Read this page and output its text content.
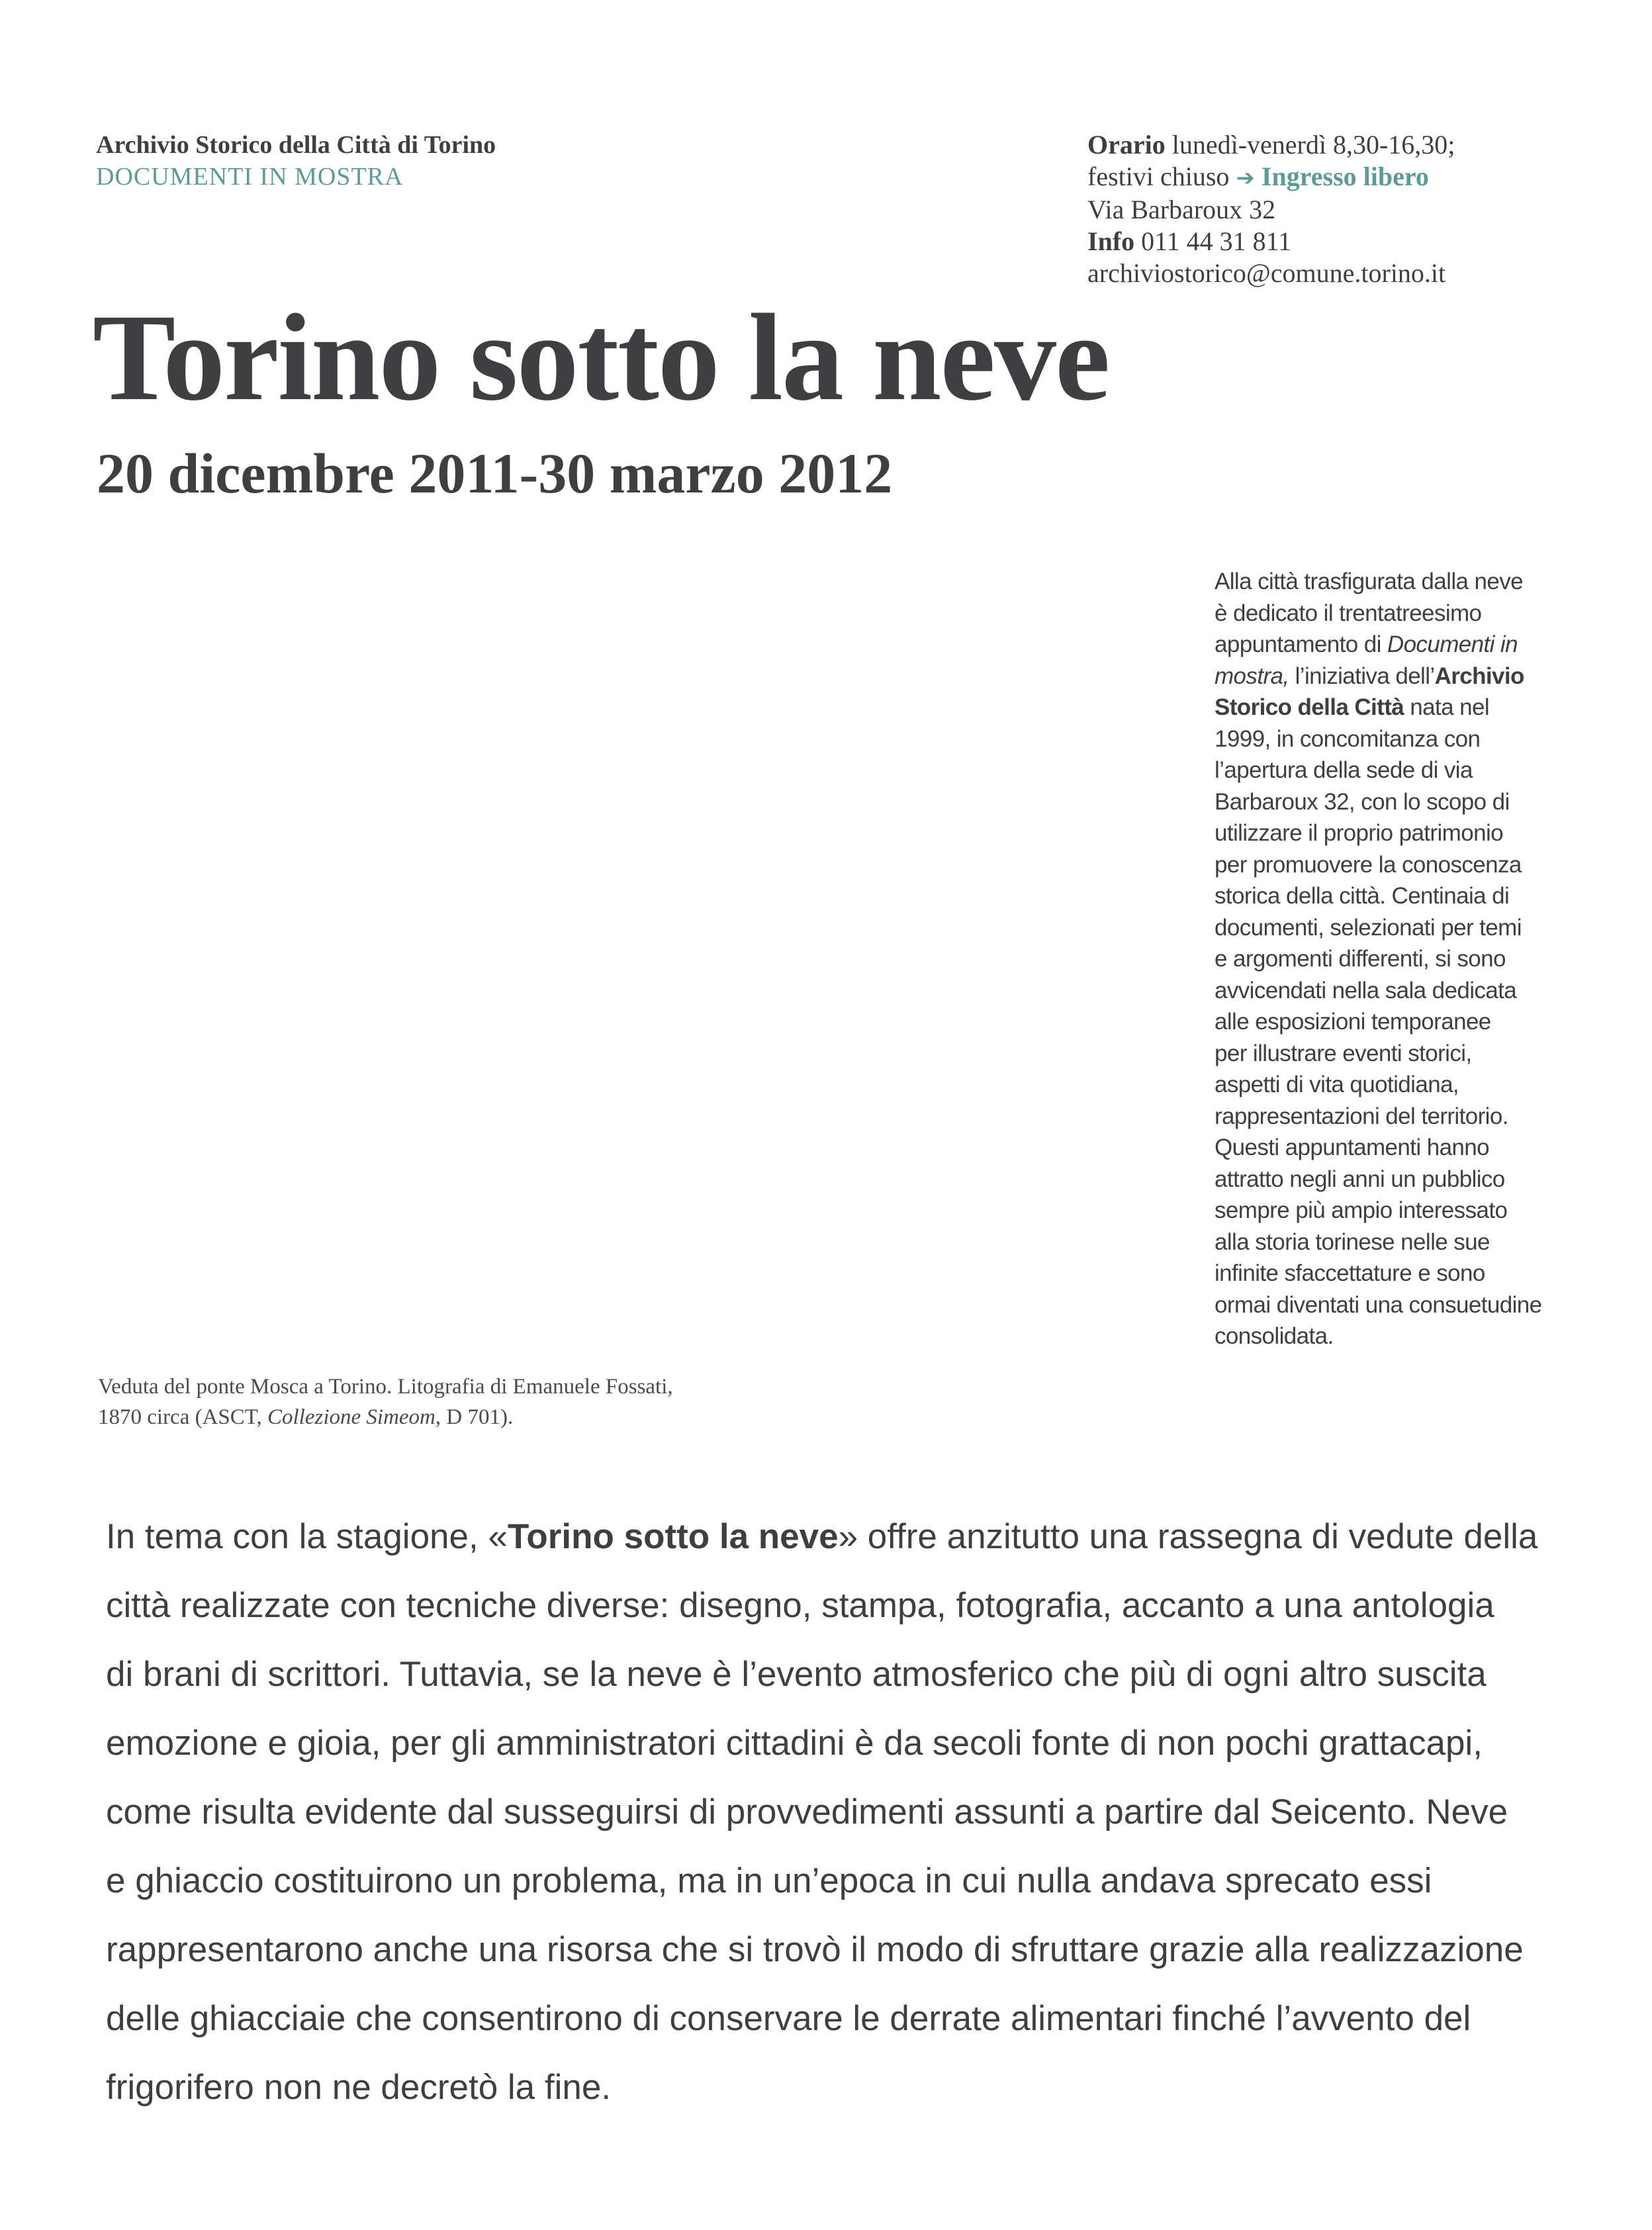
Archivio Storico della Città di Torino
DOCUMENTI IN MOSTRA
Orario lunedì-venerdì 8,30-16,30;
festivi chiuso ➔ Ingresso libero
Via Barbaroux 32
Info 011 44 31 811
archiviostorico@comune.torino.it
Torino sotto la neve
20 dicembre 2011-30 marzo 2012

Alla città trasfigurata dalla neve
è dedicato il trentatreesimo
appuntamento di Documenti in
mostra, l’iniziativa dell’Archivio
Storico della Città nata nel
1999, in concomitanza con
l’apertura della sede di via
Barbaroux 32, con lo scopo di
utilizzare il proprio patrimonio
per promuovere la conoscenza
storica della città. Centinaia di
documenti, selezionati per temi
e argomenti differenti, si sono
avvicendati nella sala dedicata
alle esposizioni temporanee
per illustrare eventi storici,
aspetti di vita quotidiana,
rappresentazioni del territorio.
Questi appuntamenti hanno
attratto negli anni un pubblico
sempre più ampio interessato
alla storia torinese nelle sue
infinite sfaccettature e sono
ormai diventati una consuetudine
consolidata.

Veduta del ponte Mosca a Torino. Litografia di Emanuele Fossati,
1870 circa (ASCT, Collezione Simeom, D 701).

In tema con la stagione, «Torino sotto la neve» offre anzitutto una rassegna di vedute della
città realizzate con tecniche diverse: disegno, stampa, fotografia, accanto a una antologia
di brani di scrittori. Tuttavia, se la neve è l’evento atmosferico che più di ogni altro suscita
emozione e gioia, per gli amministratori cittadini è da secoli fonte di non pochi grattacapi,
come risulta evidente dal susseguirsi di provvedimenti assunti a partire dal Seicento. Neve
e ghiaccio costituirono un problema, ma in un’epoca in cui nulla andava sprecato essi
rappresentarono anche una risorsa che si trovò il modo di sfruttare grazie alla realizzazione
delle ghiacciaie che consentirono di conservare le derrate alimentari finché l’avvento del
frigorifero non ne decretò la fine.
